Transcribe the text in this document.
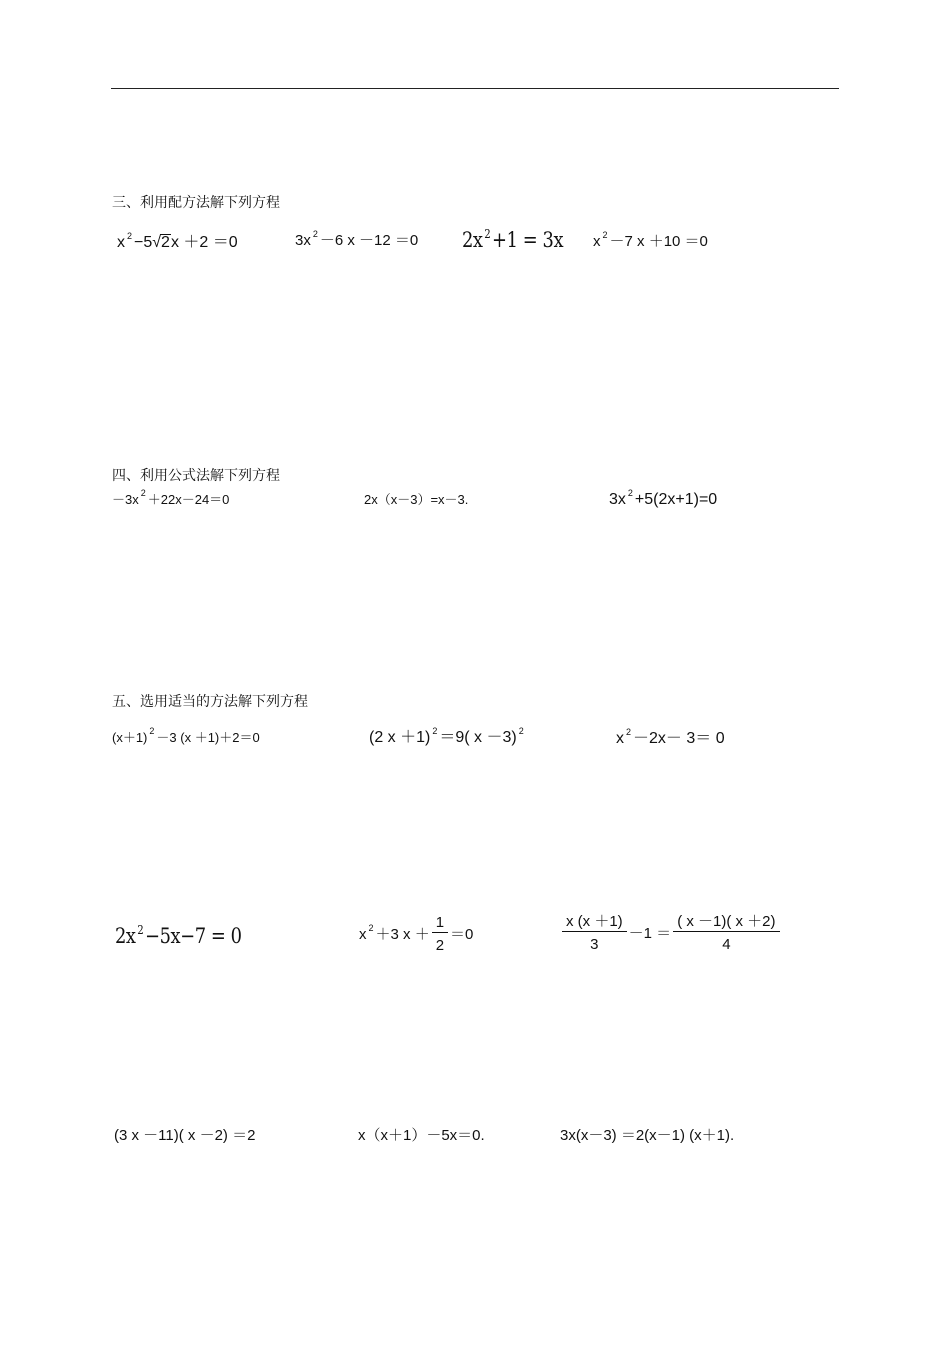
三、利用配方法解下列方程
x $^2$ −5√2x ＋2 ＝0	3x $^2$ －6 x －12 ＝0 2x $^2$+1 = 3x x $^2$ －7 x ＋10 ＝0
四、利用公式法解下列方程
－3x $^2$ ＋22x－24＝0	2x（x－3）=x－3.	3x $^2$ +5(2x+1)=0
五、选用适当的方法解下列方程
(x＋1) $^2$ －3 (x ＋1)＋2＝0	(2 x ＋1) $^2$ ＝9( x －3) $^2$	x $^2$ －2x－ 3＝ 0
2x $^2$−5x−7 = 0	x $^2$ ＋3 $x + \frac{1}{2} =0$	$\frac{x (x +1)}{3} -1 = \frac{( x -1)( x +2)}{4}$
(3 x －11)( x －2) ＝2	x（x＋1）－5x＝0.	3x(x－3) ＝2(x－1) (x＋1).
